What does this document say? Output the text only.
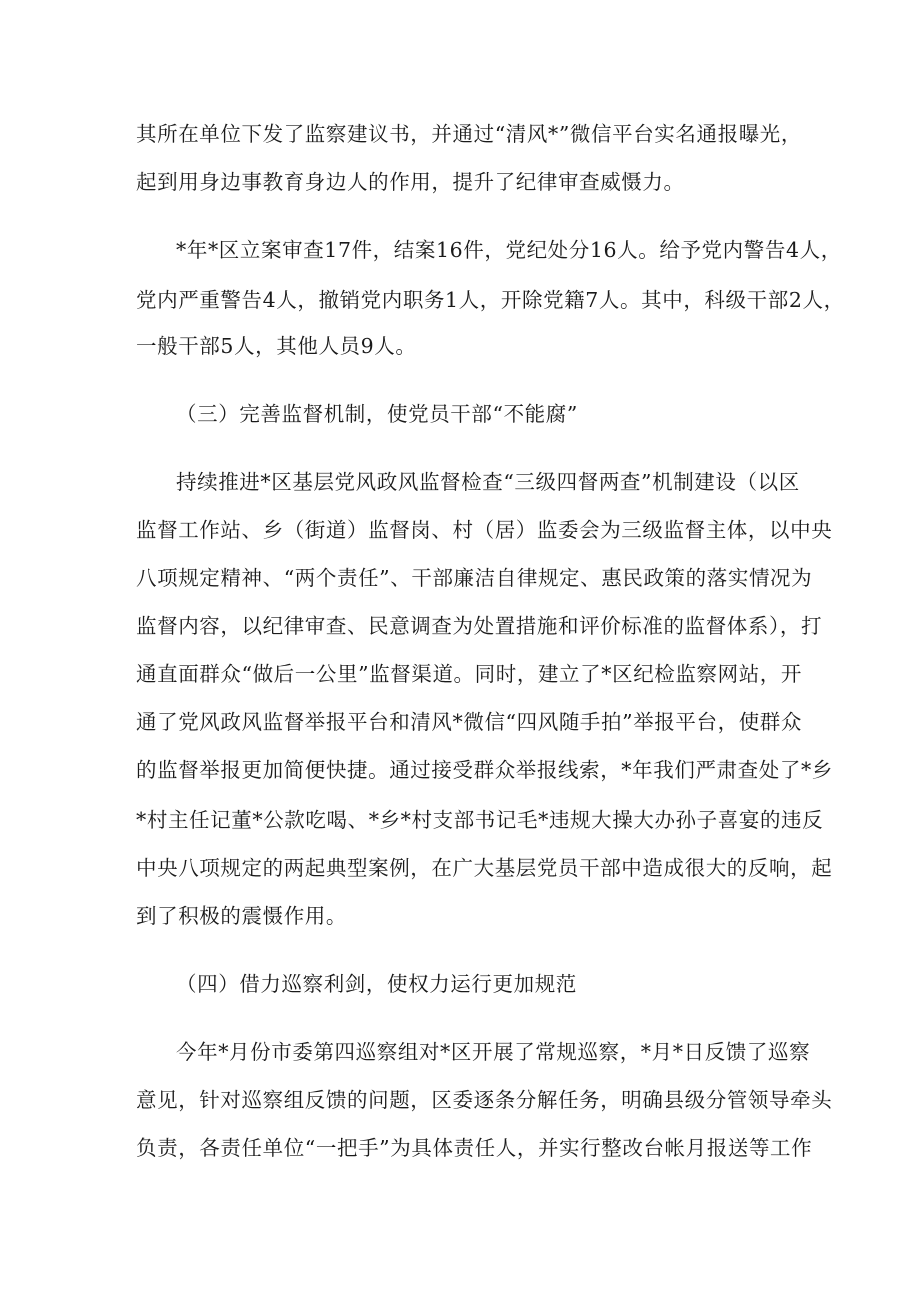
其所在单位下发了监察建议书，并通过“清风*”微信平台实名通报曝光，
起到用身边事教育身边人的作用，提升了纪律审查威慑力。
*年*区立案审查17件，结案16件，党纪处分16人。给予党内警告4人，
党内严重警告4人，撤销党内职务1人，开除党籍7人。其中，科级干部2人，
一般干部5人，其他人员9人。
（三）完善监督机制，使党员干部“不能腐”
持续推进*区基层党风政风监督检查“三级四督两查”机制建设（以区
监督工作站、乡（街道）监督岗、村（居）监委会为三级监督主体，以中央
八项规定精神、“两个责任”、干部廉洁自律规定、惠民政策的落实情况为
监督内容，以纪律审查、民意调查为处置措施和评价标准的监督体系），打
通直面群众“做后一公里”监督渠道。同时，建立了*区纪检监察网站，开
通了党风政风监督举报平台和清风*微信“四风随手拍”举报平台，使群众
的监督举报更加简便快捷。通过接受群众举报线索，*年我们严肃查处了*乡
*村主任记董*公款吃喝、*乡*村支部书记毛*违规大操大办孙子喜宴的违反
中央八项规定的两起典型案例，在广大基层党员干部中造成很大的反响，起
到了积极的震慑作用。
（四）借力巡察利剑，使权力运行更加规范
今年*月份市委第四巡察组对*区开展了常规巡察，*月*日反馈了巡察
意见，针对巡察组反馈的问题，区委逐条分解任务，明确县级分管领导牵头
负责，各责任单位“一把手”为具体责任人，并实行整改台帐月报送等工作
